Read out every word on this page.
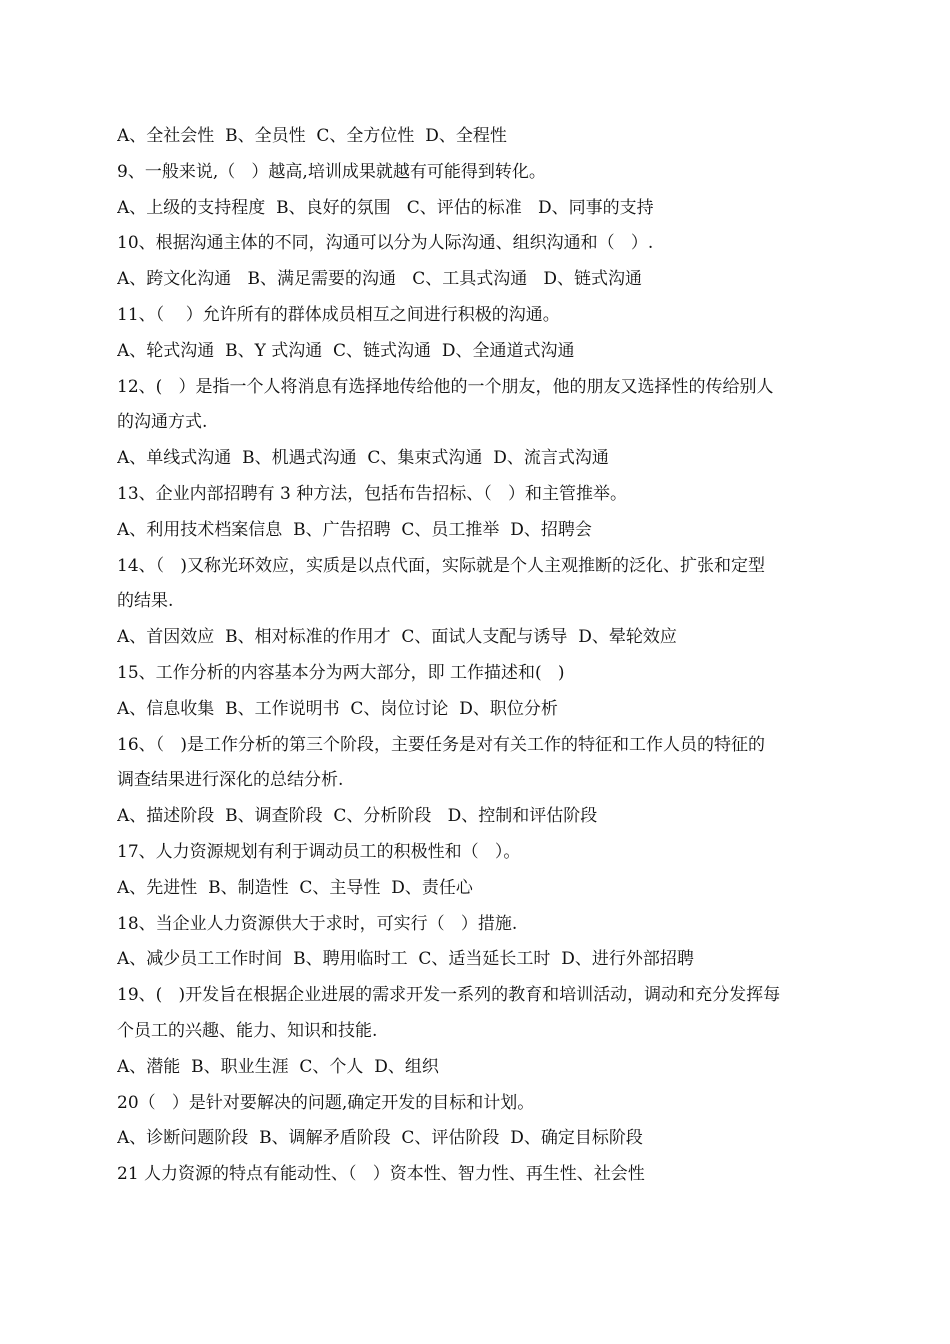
A、全社会性  B、全员性  C、全方位性  D、全程性
9、一般来说,（   ）越高,培训成果就越有可能得到转化。
A、上级的支持程度  B、良好的氛围   C、评估的标准   D、同事的支持
10、根据沟通主体的不同，沟通可以分为人际沟通、组织沟通和（   ）.
A、跨文化沟通   B、满足需要的沟通   C、工具式沟通   D、链式沟通
11、（    ）允许所有的群体成员相互之间进行积极的沟通。
A、轮式沟通  B、Y 式沟通  C、链式沟通  D、全通道式沟通
12、(   ）是指一个人将消息有选择地传给他的一个朋友，他的朋友又选择性的传给别人
的沟通方式.
A、单线式沟通  B、机遇式沟通  C、集束式沟通  D、流言式沟通
13、企业内部招聘有 3 种方法，包括布告招标、（   ）和主管推举。
A、利用技术档案信息  B、广告招聘  C、员工推举  D、招聘会
14、（   )又称光环效应，实质是以点代面，实际就是个人主观推断的泛化、扩张和定型
的结果.
A、首因效应  B、相对标准的作用才  C、面试人支配与诱导  D、晕轮效应
15、工作分析的内容基本分为两大部分，即 工作描述和(   )
A、信息收集  B、工作说明书  C、岗位讨论  D、职位分析
16、（   )是工作分析的第三个阶段，主要任务是对有关工作的特征和工作人员的特征的
调查结果进行深化的总结分析.
A、描述阶段  B、调查阶段  C、分析阶段   D、控制和评估阶段
17、人力资源规划有利于调动员工的积极性和（   ）。
A、先进性  B、制造性  C、主导性  D、责任心
18、当企业人力资源供大于求时，可实行（   ）措施.
A、减少员工工作时间  B、聘用临时工  C、适当延长工时  D、进行外部招聘
19、(   )开发旨在根据企业进展的需求开发一系列的教育和培训活动，调动和充分发挥每
个员工的兴趣、能力、知识和技能.
A、潜能  B、职业生涯  C、个人  D、组织
20（   ）是针对要解决的问题,确定开发的目标和计划。
A、诊断问题阶段  B、调解矛盾阶段  C、评估阶段  D、确定目标阶段
21 人力资源的特点有能动性、（   ）资本性、智力性、再生性、社会性
